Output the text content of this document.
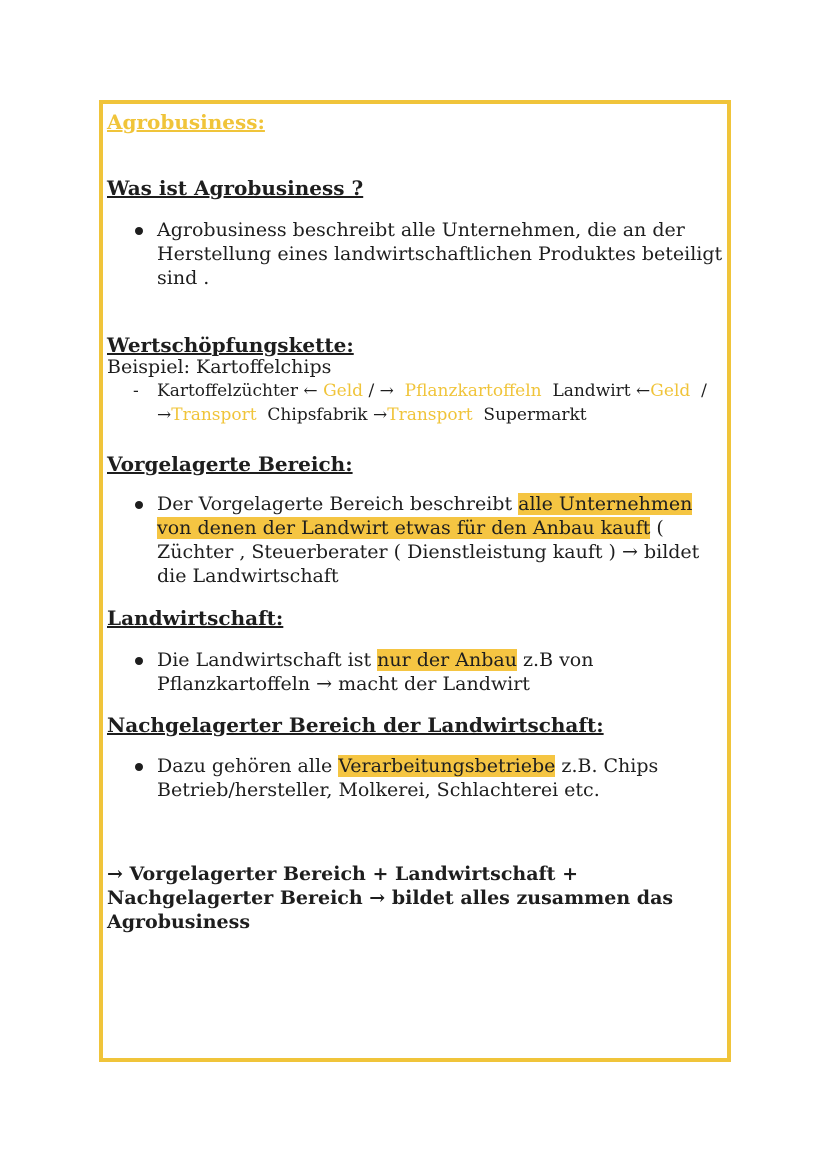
Agrobusiness:
Was ist Agrobusiness ?
Agrobusiness beschreibt alle Unternehmen, die an der Herstellung eines landwirtschaftlichen Produktes beteiligt sind .
Wertschöpfungskette:
Beispiel: Kartoffelchips
- Kartoffelzüchter ← Geld / → Pflanzkartoffeln Landwirt ←Geld /
→Transport Chipsfabrik →Transport Supermarkt
Vorgelagerte Bereich:
Der Vorgelagerte Bereich beschreibt alle Unternehmen von denen der Landwirt etwas für den Anbau kauft ( Züchter , Steuerberater ( Dienstleistung kauft ) → bildet die Landwirtschaft
Landwirtschaft:
Die Landwirtschaft ist nur der Anbau z.B von Pflanzkartoffeln → macht der Landwirt
Nachgelagerter Bereich der Landwirtschaft:
Dazu gehören alle Verarbeitungsbetriebe z.B. Chips Betrieb/hersteller, Molkerei, Schlachterei etc.
→ Vorgelagerter Bereich + Landwirtschaft + Nachgelagerter Bereich → bildet alles zusammen das Agrobusiness
